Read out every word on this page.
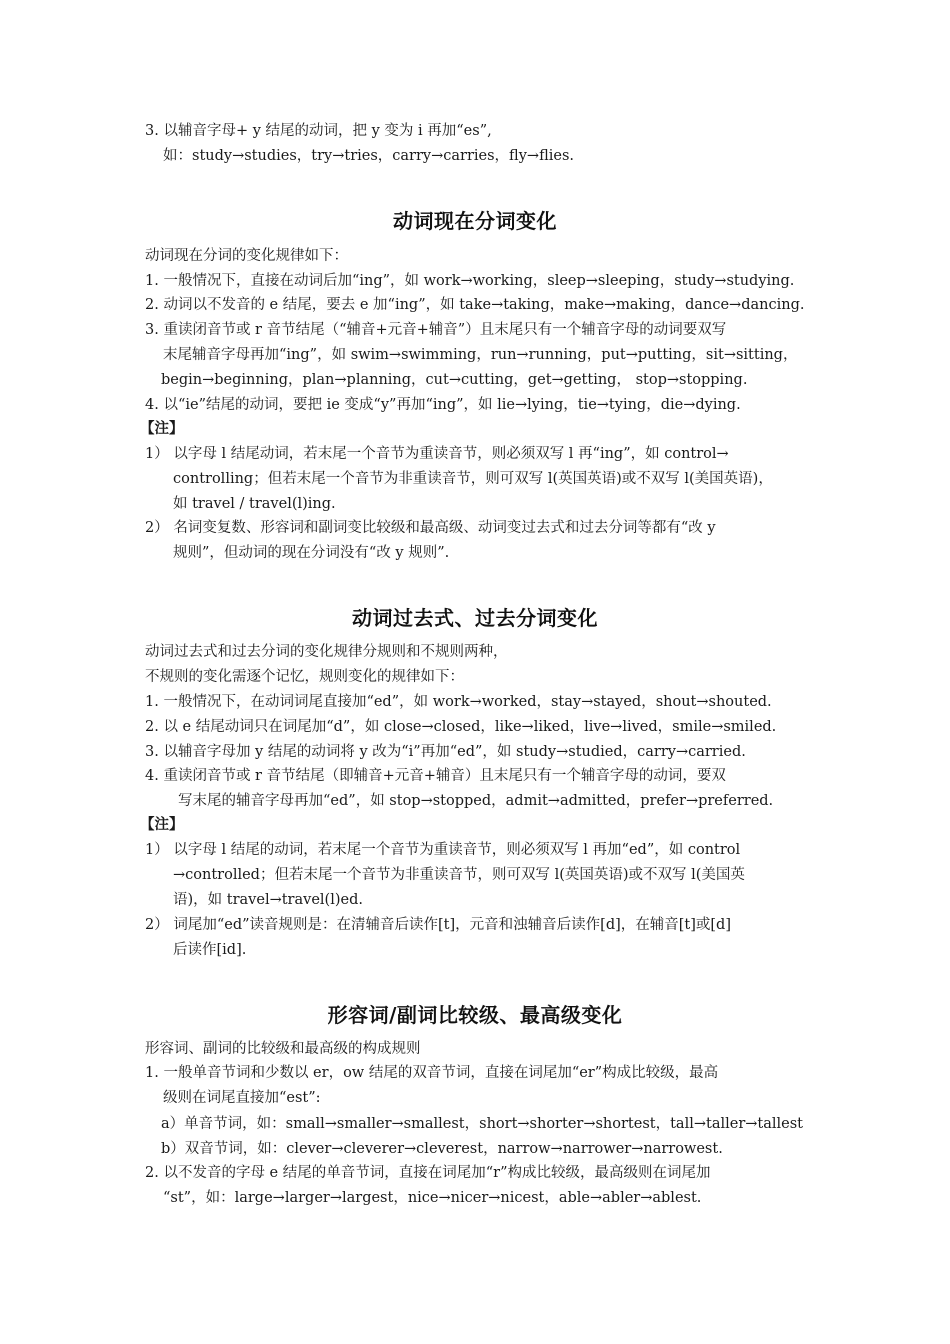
3. 以辅音字母+ y 结尾的动词，把 y 变为 i 再加“es”,
如：study→studies，try→tries，carry→carries，fly→flies.
动词现在分词变化
动词现在分词的变化规律如下：
1. 一般情况下，直接在动词后加“ing”，如 work→working，sleep→sleeping，study→studying.
2. 动词以不发音的 e 结尾，要去 e 加“ing”，如 take→taking，make→making，dance→dancing.
3. 重读闭音节或 r 音节结尾（“辅音+元音+辅音”）且末尾只有一个辅音字母的动词要双写
末尾辅音字母再加“ing”，如 swim→swimming，run→running，put→putting，sit→sitting，
begin→beginning，plan→planning，cut→cutting，get→getting， stop→stopping.
4. 以“ie”结尾的动词，要把 ie 变成“y”再加“ing”，如 lie→lying，tie→tying，die→dying.
【注】
1） 以字母 l 结尾动词，若末尾一个音节为重读音节，则必须双写 l 再“ing”，如 control→
controlling；但若末尾一个音节为非重读音节，则可双写 l(英国英语)或不双写 l(美国英语)，
如 travel / travel(l)ing.
2） 名词变复数、形容词和副词变比较级和最高级、动词变过去式和过去分词等都有“改 y
规则”，但动词的现在分词没有“改 y 规则”.
动词过去式、过去分词变化
动词过去式和过去分词的变化规律分规则和不规则两种，
不规则的变化需逐个记忆，规则变化的规律如下：
1. 一般情况下，在动词词尾直接加“ed”，如 work→worked，stay→stayed，shout→shouted.
2. 以 e 结尾动词只在词尾加“d”，如 close→closed，like→liked，live→lived，smile→smiled.
3. 以辅音字母加 y 结尾的动词将 y 改为“i”再加“ed”，如 study→studied，carry→carried.
4. 重读闭音节或 r 音节结尾（即辅音+元音+辅音）且末尾只有一个辅音字母的动词，要双
写末尾的辅音字母再加“ed”，如 stop→stopped，admit→admitted，prefer→preferred.
【注】
1） 以字母 l 结尾的动词，若末尾一个音节为重读音节，则必须双写 l 再加“ed”，如 control
→controlled；但若末尾一个音节为非重读音节，则可双写 l(英国英语)或不双写 l(美国英
语)，如 travel→travel(l)ed.
2） 词尾加“ed”读音规则是：在清辅音后读作[t]，元音和浊辅音后读作[d]，在辅音[t]或[d]
后读作[id].
形容词/副词比较级、最高级变化
形容词、副词的比较级和最高级的构成规则
1. 一般单音节词和少数以 er，ow 结尾的双音节词，直接在词尾加“er”构成比较级，最高
级则在词尾直接加“est”:
a）单音节词，如：small→smaller→smallest，short→shorter→shortest，tall→taller→tallest
b）双音节词，如：clever→cleverer→cleverest，narrow→narrower→narrowest.
2. 以不发音的字母 e 结尾的单音节词，直接在词尾加“r”构成比较级，最高级则在词尾加
“st”，如：large→larger→largest，nice→nicer→nicest，able→abler→ablest.
